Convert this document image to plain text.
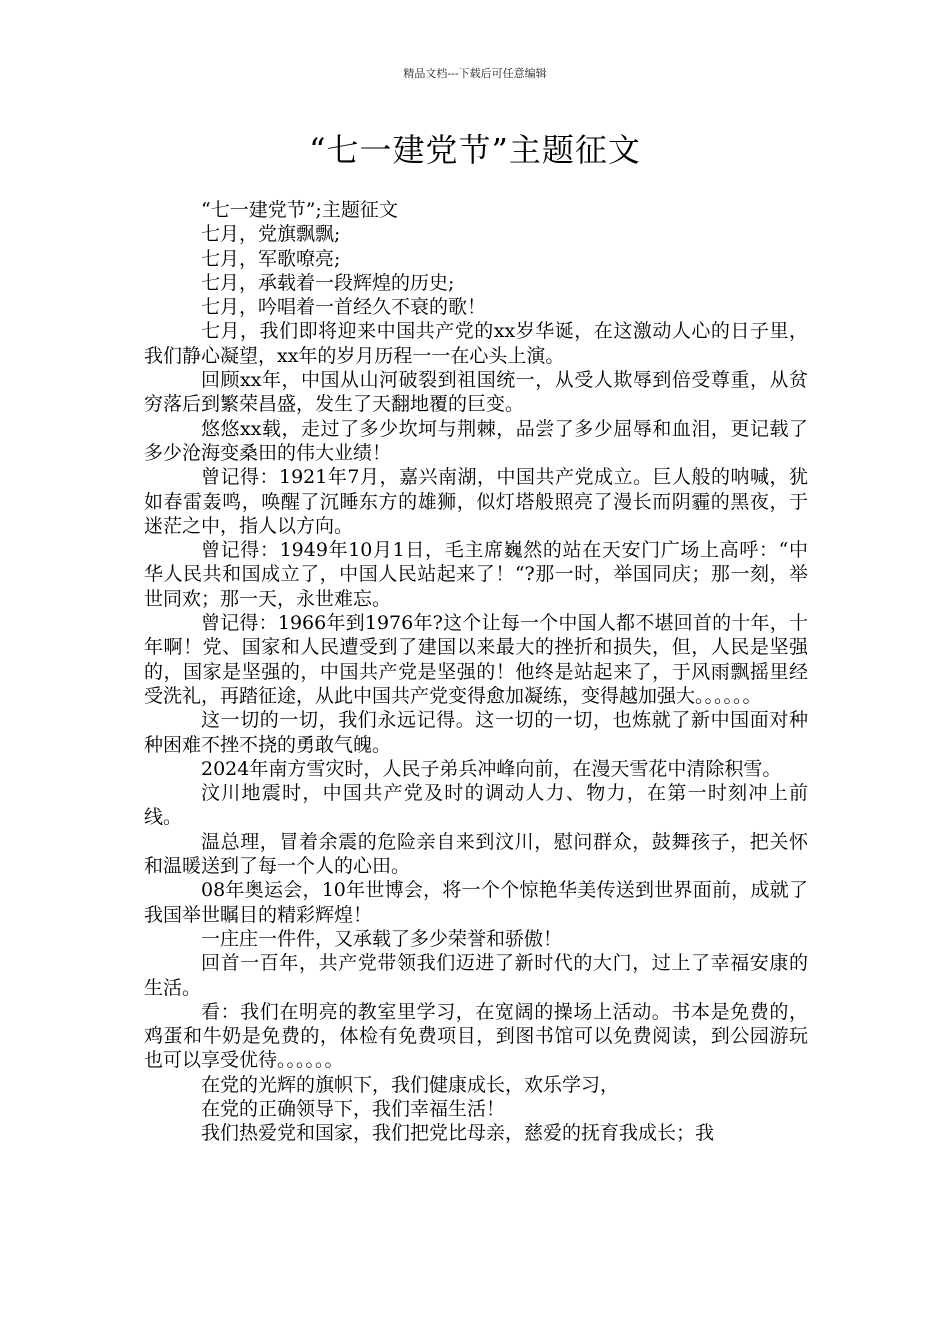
精品文档---下载后可任意编辑
“七一建党节”主题征文

“七一建党节”;主题征文

七月，党旗飘飘;

七月，军歌嘹亮;

七月，承载着一段辉煌的历史;

七月，吟唱着一首经久不衰的歌！

七月，我们即将迎来中国共产党的xx岁华诞，在这激动人心的日子里，我们静心凝望，xx年的岁月历程一一在心头上演。

回顾xx年，中国从山河破裂到祖国统一，从受人欺辱到倍受尊重，从贫穷落后到繁荣昌盛，发生了天翻地覆的巨变。

悠悠xx载，走过了多少坎坷与荆棘，品尝了多少屈辱和血泪，更记载了多少沧海变桑田的伟大业绩！

曾记得：1921年7月，嘉兴南湖，中国共产党成立。巨人般的呐喊，犹如春雷轰鸣，唤醒了沉睡东方的雄狮，似灯塔般照亮了漫长而阴霾的黑夜，于迷茫之中，指人以方向。

曾记得：1949年10月1日，毛主席巍然的站在天安门广场上高呼：“中华人民共和国成立了，中国人民站起来了！“?那一时，举国同庆；那一刻，举世同欢；那一天，永世难忘。

曾记得：1966年到1976年?这个让每一个中国人都不堪回首的十年，十年啊！党、国家和人民遭受到了建国以来最大的挫折和损失，但，人民是坚强的，国家是坚强的，中国共产党是坚强的！他终是站起来了，于风雨飘摇里经受洗礼，再踏征途，从此中国共产党变得愈加凝练，变得越加强大。。。。。。

这一切的一切，我们永远记得。这一切的一切，也炼就了新中国面对种种困难不挫不挠的勇敢气魄。

2024年南方雪灾时，人民子弟兵冲峰向前，在漫天雪花中清除积雪。

汶川地震时，中国共产党及时的调动人力、物力，在第一时刻冲上前线。

温总理，冒着余震的危险亲自来到汶川，慰问群众，鼓舞孩子，把关怀和温暖送到了每一个人的心田。

08年奥运会，10年世博会，将一个个惊艳华美传送到世界面前，成就了我国举世瞩目的精彩辉煌！

一庄庄一件件，又承载了多少荣誉和骄傲！

回首一百年，共产党带领我们迈进了新时代的大门，过上了幸福安康的生活。

看：我们在明亮的教室里学习，在宽阔的操场上活动。书本是免费的，鸡蛋和牛奶是免费的，体检有免费项目，到图书馆可以免费阅读，到公园游玩也可以享受优待。。。。。。

在党的光辉的旗帜下，我们健康成长，欢乐学习，

在党的正确领导下，我们幸福生活！

我们热爱党和国家，我们把党比母亲，慈爱的抚育我成长；我
